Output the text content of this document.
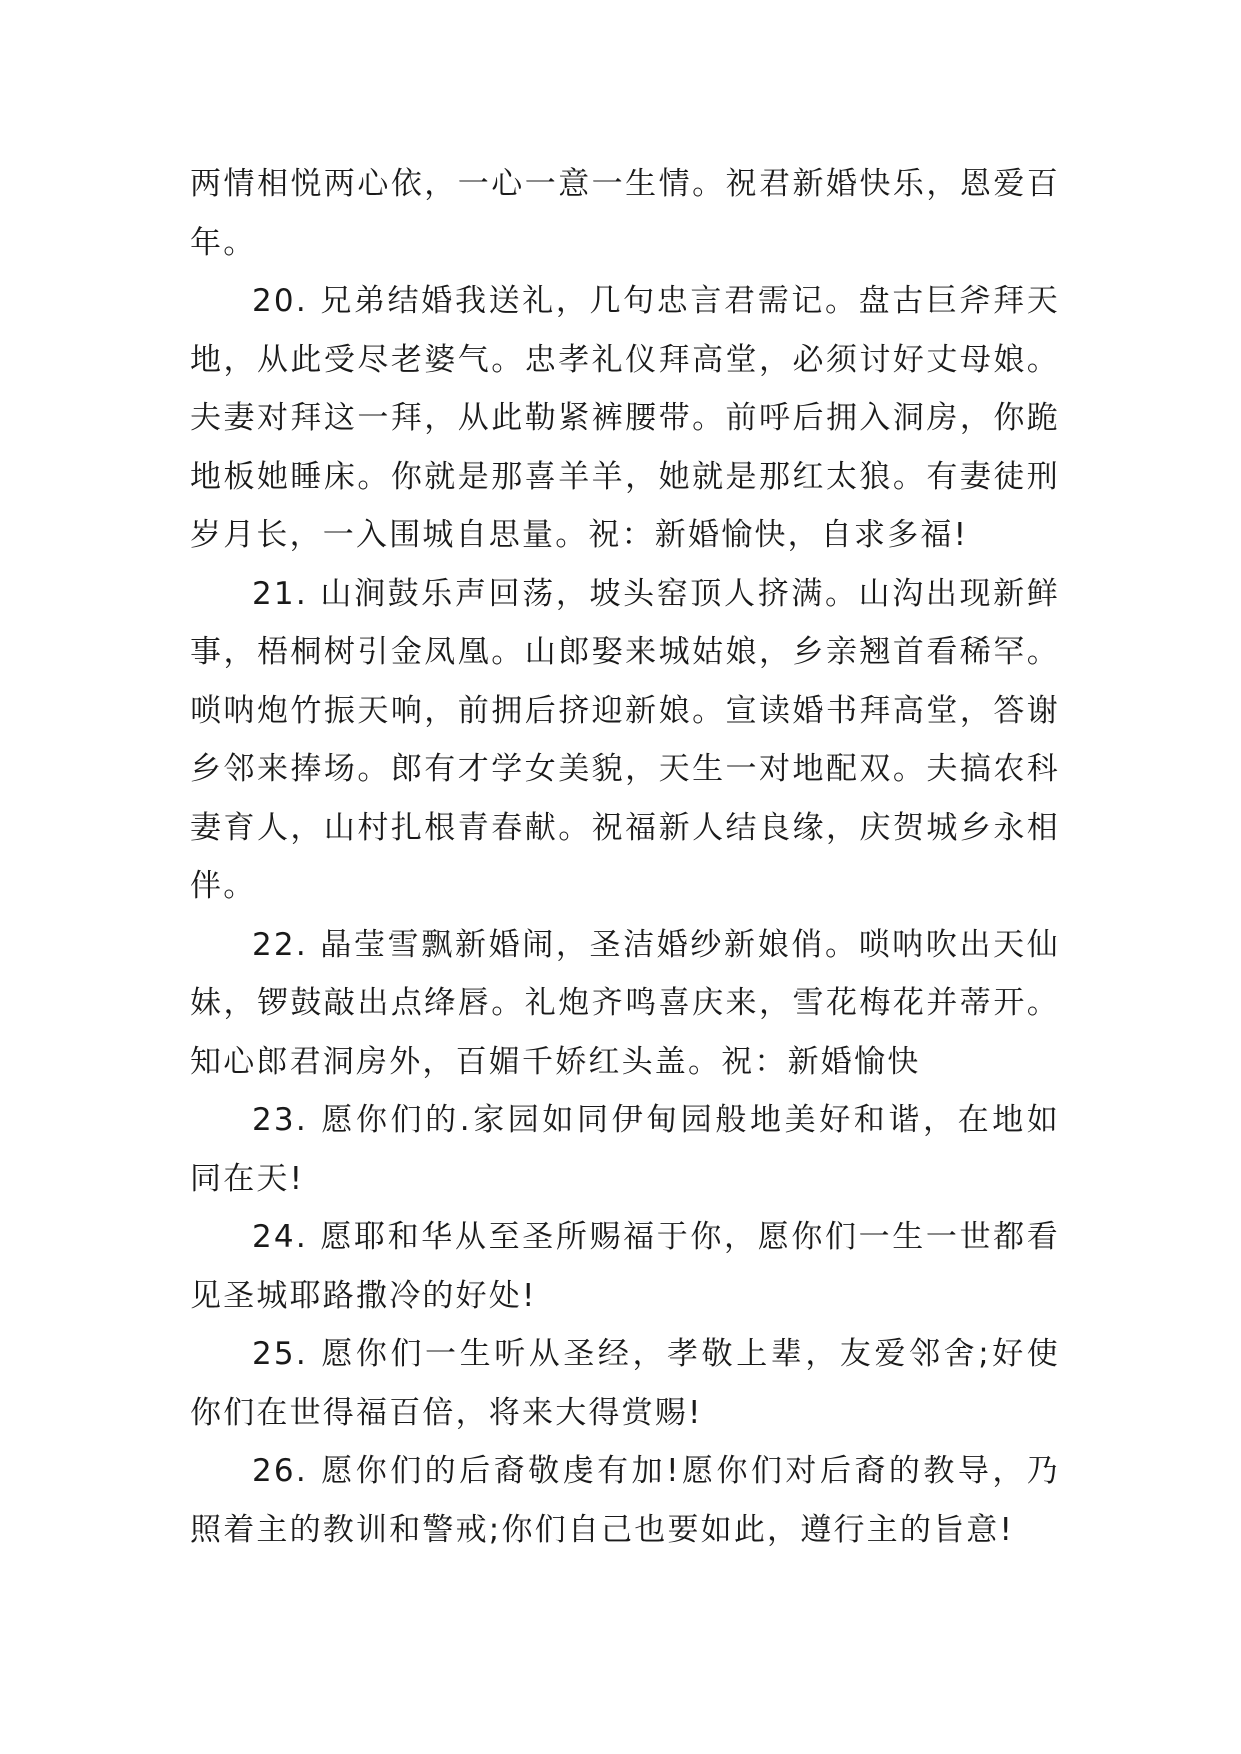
两情相悦两心依，一心一意一生情。祝君新婚快乐，恩爱百年。

20. 兄弟结婚我送礼，几句忠言君需记。盘古巨斧拜天地，从此受尽老婆气。忠孝礼仪拜高堂，必须讨好丈母娘。夫妻对拜这一拜，从此勒紧裤腰带。前呼后拥入洞房，你跪地板她睡床。你就是那喜羊羊，她就是那红太狼。有妻徒刑岁月长，一入围城自思量。祝：新婚愉快，自求多福!

21. 山涧鼓乐声回荡，坡头窑顶人挤满。山沟出现新鲜事，梧桐树引金凤凰。山郎娶来城姑娘，乡亲翘首看稀罕。唢呐炮竹振天响，前拥后挤迎新娘。宣读婚书拜高堂，答谢乡邻来捧场。郎有才学女美貌，天生一对地配双。夫搞农科妻育人，山村扎根青春献。祝福新人结良缘，庆贺城乡永相伴。

22. 晶莹雪飘新婚闹，圣洁婚纱新娘俏。唢呐吹出天仙妹，锣鼓敲出点绛唇。礼炮齐鸣喜庆来，雪花梅花并蒂开。知心郎君洞房外，百媚千娇红头盖。祝：新婚愉快

23. 愿你们的.家园如同伊甸园般地美好和谐，在地如同在天!

24. 愿耶和华从至圣所赐福于你，愿你们一生一世都看见圣城耶路撒冷的好处!

25. 愿你们一生听从圣经，孝敬上辈，友爱邻舍;好使你们在世得福百倍，将来大得赏赐!

26. 愿你们的后裔敬虔有加!愿你们对后裔的教导，乃照着主的教训和警戒;你们自己也要如此，遵行主的旨意!
